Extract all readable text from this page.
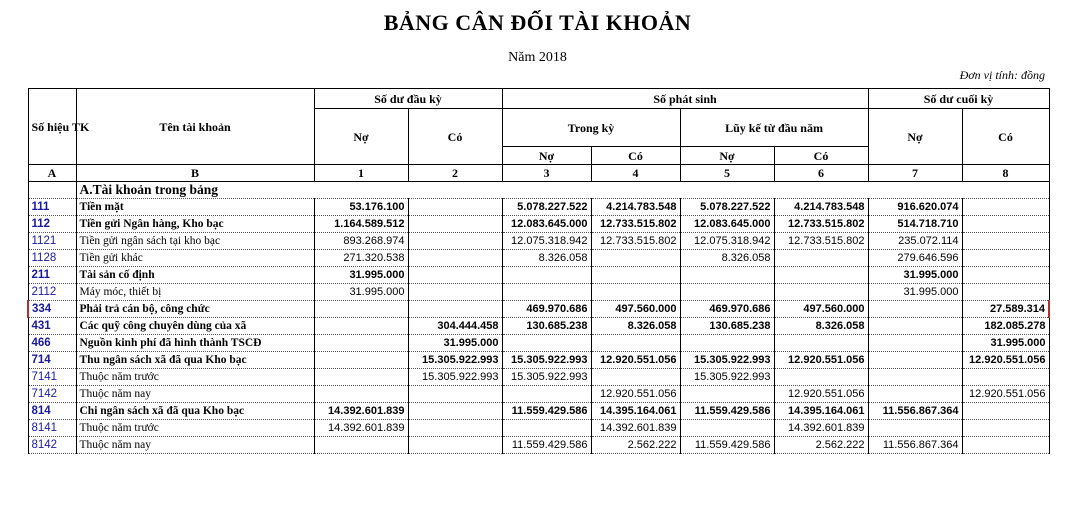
BẢNG CÂN ĐỐI TÀI KHOẢN
Năm 2018
Đơn vị tính: đồng
Số hiệu TK	Tên tài khoản	Số dư đầu kỳ		Số phát sinh				Số dư cuối kỳ	
		Nợ	Có	Trong kỳ		Lũy kế từ đầu năm		Nợ	Có
				Nợ	Có	Nợ	Có		
A	B	1	2	3	4	5	6	7	8
	A.Tài khoản trong bảng								
111	Tiền mặt	53.176.100		5.078.227.522	4.214.783.548	5.078.227.522	4.214.783.548	916.620.074	
112	Tiền gửi Ngân hàng, Kho bạc	1.164.589.512		12.083.645.000	12.733.515.802	12.083.645.000	12.733.515.802	514.718.710	
1121	Tiền gửi ngân sách tại kho bạc	893.268.974		12.075.318.942	12.733.515.802	12.075.318.942	12.733.515.802	235.072.114	
1128	Tiền gửi khác	271.320.538		8.326.058		8.326.058		279.646.596	
211	Tài sản cố định	31.995.000						31.995.000	
2112	Máy móc, thiết bị	31.995.000						31.995.000	
334	Phải trả cán bộ, công chức			469.970.686	497.560.000	469.970.686	497.560.000		27.589.314
431	Các quỹ công chuyên dùng của xã		304.444.458	130.685.238	8.326.058	130.685.238	8.326.058		182.085.278
466	Nguồn kinh phí đã hình thành TSCĐ		31.995.000						31.995.000
714	Thu ngân sách xã đã qua Kho bạc		15.305.922.993	15.305.922.993	12.920.551.056	15.305.922.993	12.920.551.056		12.920.551.056
7141	Thuộc năm trước		15.305.922.993	15.305.922.993		15.305.922.993			
7142	Thuộc năm nay				12.920.551.056		12.920.551.056		12.920.551.056
814	Chi ngân sách xã đã qua Kho bạc	14.392.601.839		11.559.429.586	14.395.164.061	11.559.429.586	14.395.164.061	11.556.867.364	
8141	Thuộc năm trước	14.392.601.839			14.392.601.839		14.392.601.839		
8142	Thuộc năm nay			11.559.429.586	2.562.222	11.559.429.586	2.562.222	11.556.867.364	
